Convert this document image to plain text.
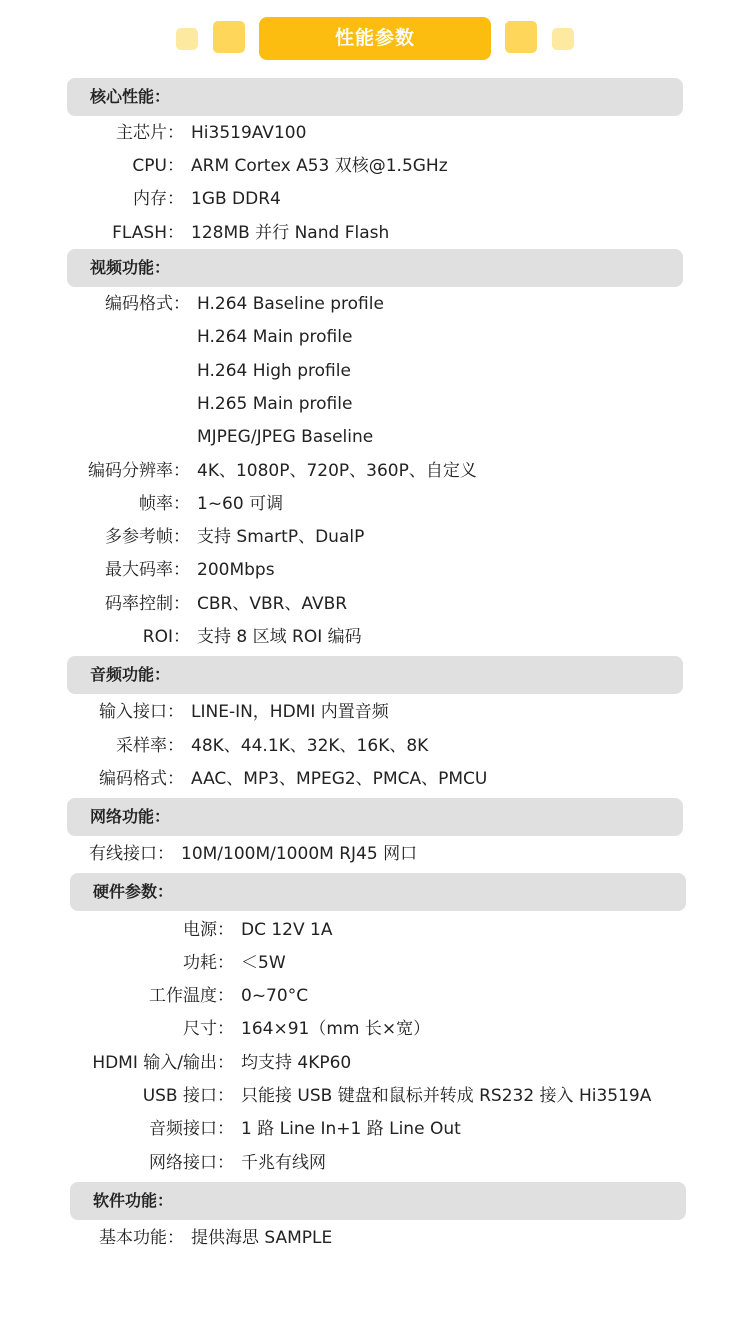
性能参数
核心性能：
主芯片： Hi3519AV100
CPU： ARM Cortex A53 双核@1.5GHz
内存： 1GB DDR4
FLASH： 128MB 并行 Nand Flash
视频功能：
编码格式： H.264 Baseline profile
H.264 Main profile
H.264 High profile
H.265 Main profile
MJPEG/JPEG Baseline
编码分辨率： 4K、1080P、720P、360P、自定义
帧率： 1~60 可调
多参考帧： 支持 SmartP、DualP
最大码率： 200Mbps
码率控制： CBR、VBR、AVBR
ROI： 支持 8 区域 ROI 编码
音频功能：
输入接口： LINE-IN，HDMI 内置音频
采样率： 48K、44.1K、32K、16K、8K
编码格式： AAC、MP3、MPEG2、PMCA、PMCU
网络功能：
有线接口： 10M/100M/1000M RJ45 网口
硬件参数：
电源： DC 12V 1A
功耗： ＜5W
工作温度： 0~70°C
尺寸： 164×91（mm 长×宽）
HDMI 输入/输出： 均支持 4KP60
USB 接口： 只能接 USB 键盘和鼠标并转成 RS232 接入 Hi3519A
音频接口： 1 路 Line In+1 路 Line Out
网络接口： 千兆有线网
软件功能：
基本功能： 提供海思 SAMPLE
